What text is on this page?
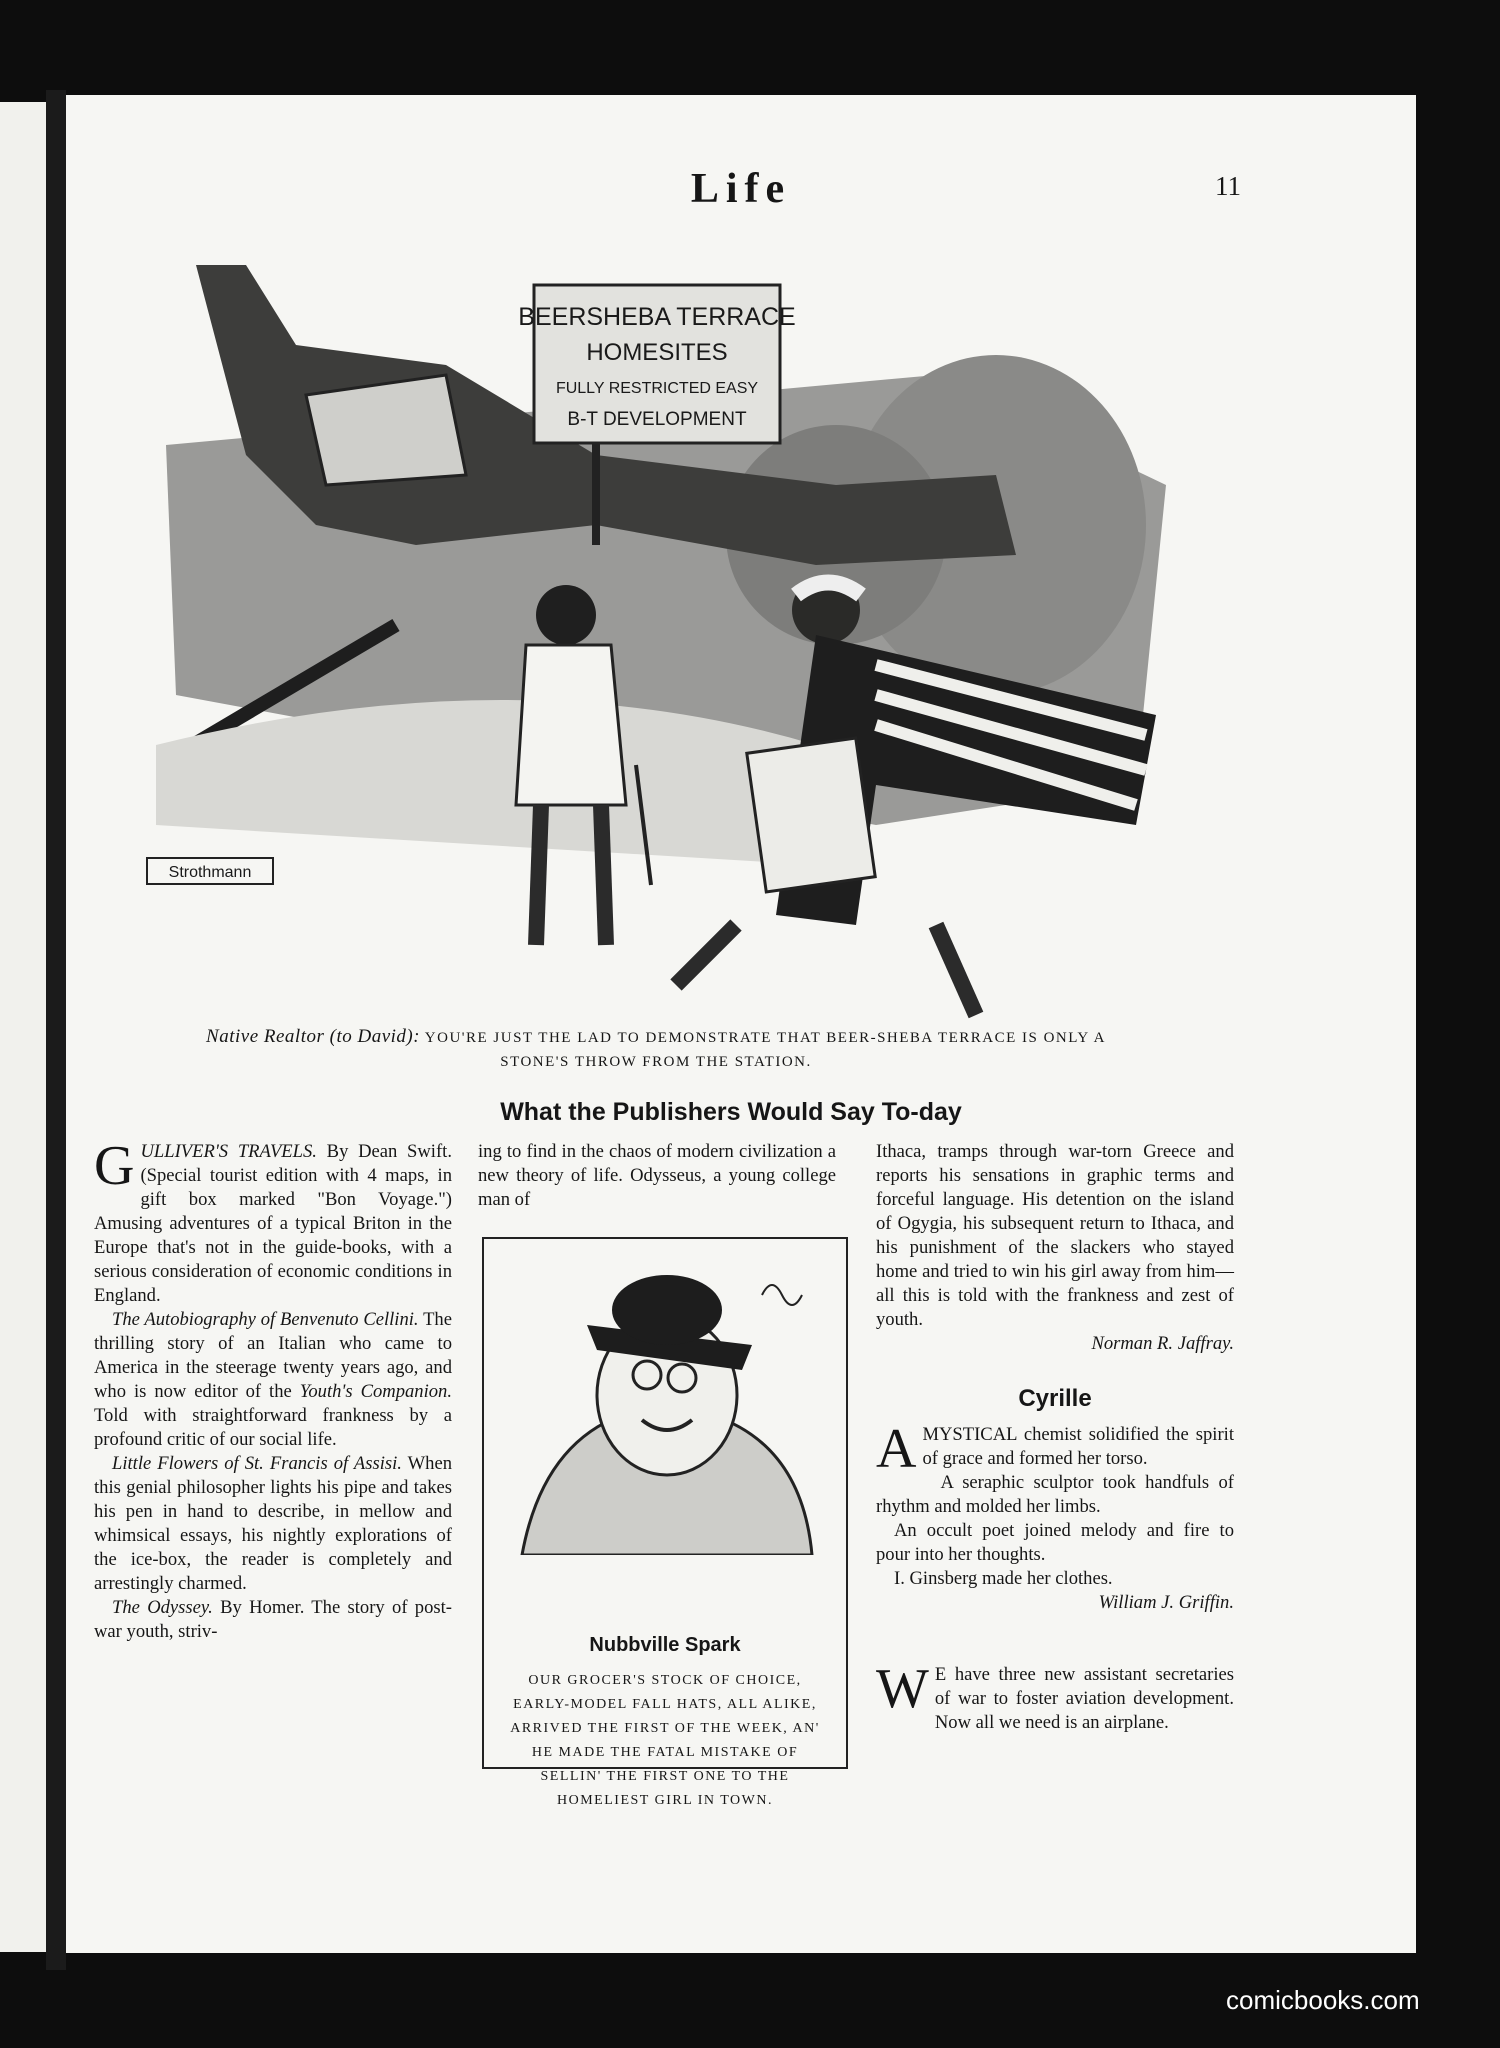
Life	11
BEERSHEBA TERRACE
HOMESITES
FULLY RESTRICTED EASY
B-T DEVELOPMENT
Strothmann
Native Realtor (to David): YOU'RE JUST THE LAD TO DEMONSTRATE THAT BEER-SHEBA TERRACE IS ONLY A STONE'S THROW FROM THE STATION.
What the Publishers Would Say To-day

GULLIVER'S TRAVELS. By Dean Swift. (Special tourist edition with 4 maps, in gift box marked "Bon Voyage.") Amusing adventures of a typical Briton in the Europe that's not in the guide-books, with a serious consideration of economic conditions in England.

The Autobiography of Benvenuto Cellini. The thrilling story of an Italian who came to America in the steerage twenty years ago, and who is now editor of the Youth's Companion. Told with straightforward frankness by a profound critic of our social life.

Little Flowers of St. Francis of Assisi. When this genial philosopher lights his pipe and takes his pen in hand to describe, in mellow and whimsical essays, his nightly explorations of the ice-box, the reader is completely and arrestingly charmed.

The Odyssey. By Homer. The story of post-war youth, striv-

ing to find in the chaos of modern civilization a new theory of life. Odysseus, a young college man of

Nubbville Spark
OUR GROCER'S STOCK OF CHOICE, EARLY-MODEL FALL HATS, ALL ALIKE, ARRIVED THE FIRST OF THE WEEK, AN' HE MADE THE FATAL MISTAKE OF SELLIN' THE FIRST ONE TO THE HOMELIEST GIRL IN TOWN.

Ithaca, tramps through war-torn Greece and reports his sensations in graphic terms and forceful language. His detention on the island of Ogygia, his subsequent return to Ithaca, and his punishment of the slackers who stayed home and tried to win his girl away from him—all this is told with the frankness and zest of youth.

Norman R. Jaffray.

Cyrille

A MYSTICAL chemist solidified the spirit of grace and formed her torso.

A seraphic sculptor took handfuls of rhythm and molded her limbs.

An occult poet joined melody and fire to pour into her thoughts.

I. Ginsberg made her clothes.

William J. Griffin.

W E have three new assistant secretaries of war to foster aviation development. Now all we need is an airplane.

comicbooks.com
